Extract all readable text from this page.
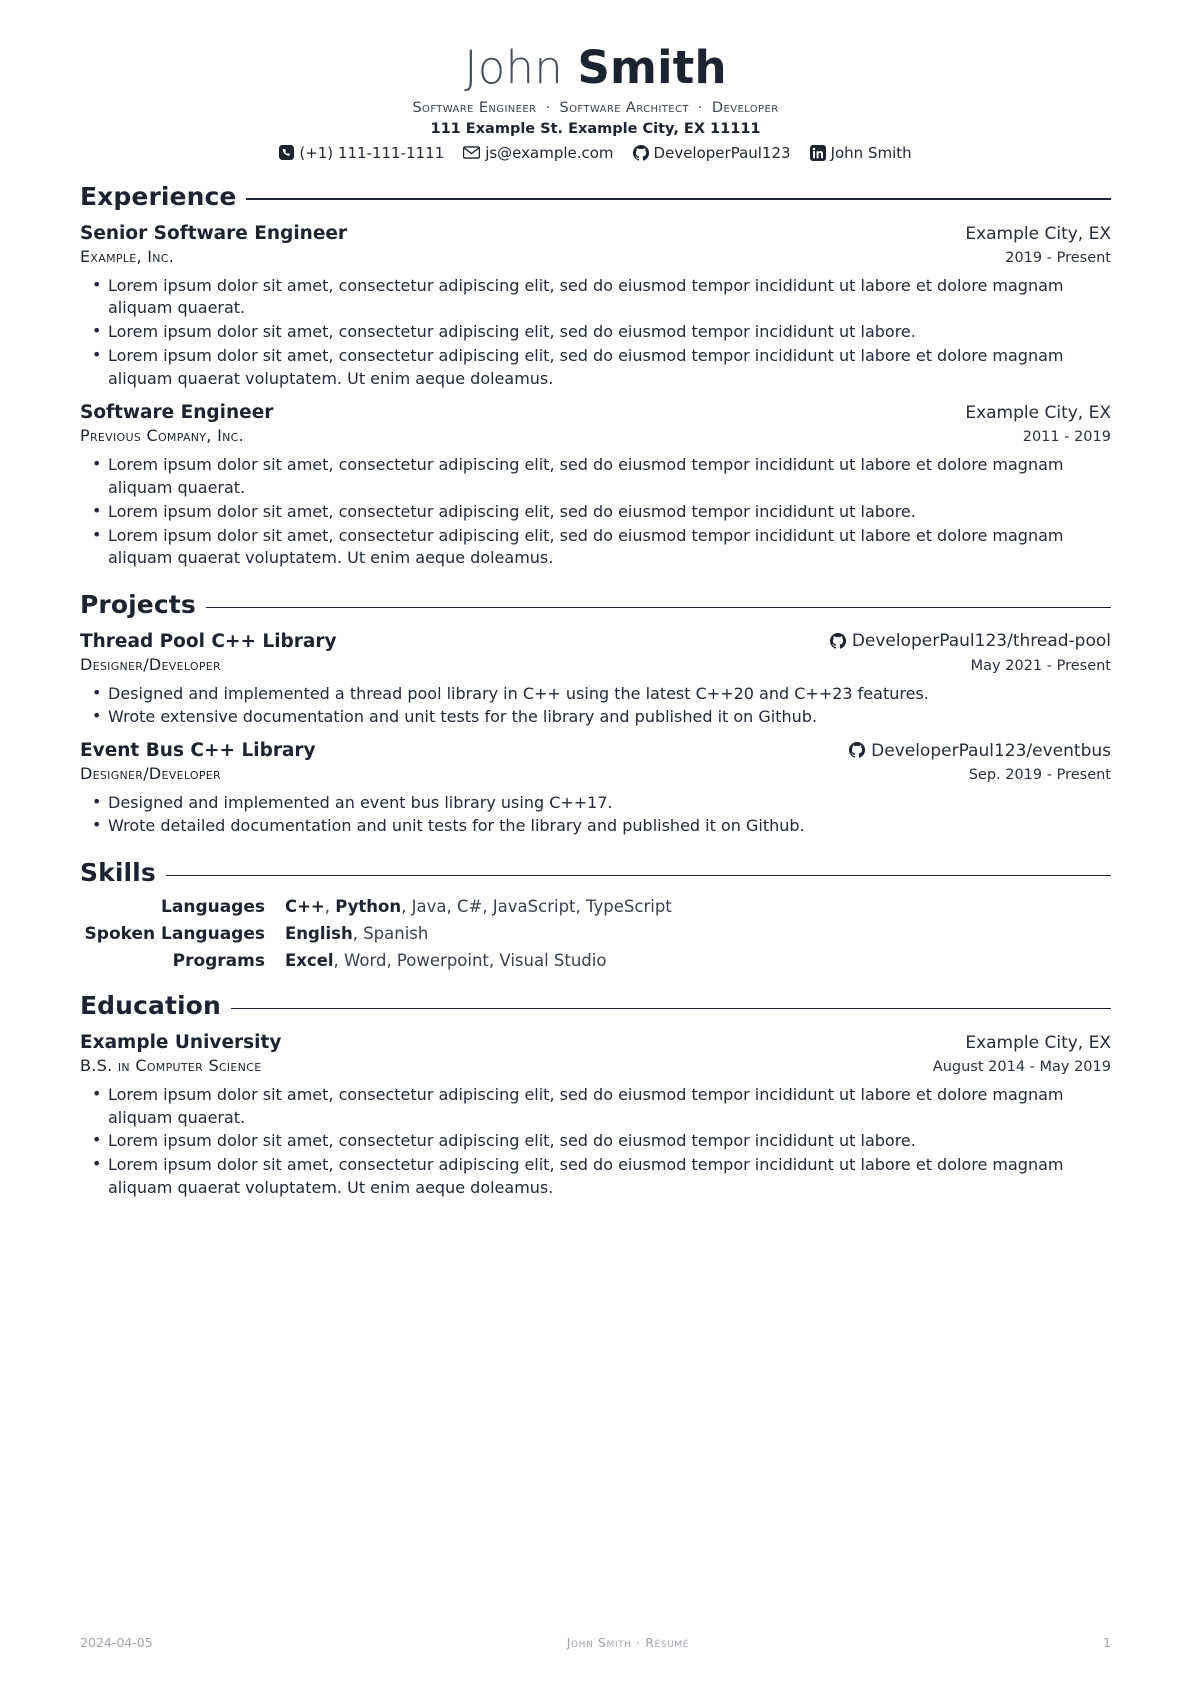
John Smith
Software Engineer · Software Architect · Developer
111 Example St. Example City, EX 11111
(+1) 111-111-1111	js@example.com	DeveloperPaul123	John Smith
Experience
Senior Software Engineer	Example City, EX
Example, Inc.	2019 - Present
• Lorem ipsum dolor sit amet, consectetur adipiscing elit, sed do eiusmod tempor incididunt ut labore et dolore magnam aliquam quaerat.
• Lorem ipsum dolor sit amet, consectetur adipiscing elit, sed do eiusmod tempor incididunt ut labore.
• Lorem ipsum dolor sit amet, consectetur adipiscing elit, sed do eiusmod tempor incididunt ut labore et dolore magnam aliquam quaerat voluptatem. Ut enim aeque doleamus.
Software Engineer	Example City, EX
Previous Company, Inc.	2011 - 2019
• Lorem ipsum dolor sit amet, consectetur adipiscing elit, sed do eiusmod tempor incididunt ut labore et dolore magnam aliquam quaerat.
• Lorem ipsum dolor sit amet, consectetur adipiscing elit, sed do eiusmod tempor incididunt ut labore.
• Lorem ipsum dolor sit amet, consectetur adipiscing elit, sed do eiusmod tempor incididunt ut labore et dolore magnam aliquam quaerat voluptatem. Ut enim aeque doleamus.
Projects
Thread Pool C++ Library	DeveloperPaul123/thread-pool
Designer/Developer	May 2021 - Present
• Designed and implemented a thread pool library in C++ using the latest C++20 and C++23 features.
• Wrote extensive documentation and unit tests for the library and published it on Github.
Event Bus C++ Library	DeveloperPaul123/eventbus
Designer/Developer	Sep. 2019 - Present
• Designed and implemented an event bus library using C++17.
• Wrote detailed documentation and unit tests for the library and published it on Github.
Skills
Languages	C++, Python, Java, C#, JavaScript, TypeScript
Spoken Languages	English, Spanish
Programs	Excel, Word, Powerpoint, Visual Studio
Education
Example University	Example City, EX
B.S. in Computer Science	August 2014 - May 2019
• Lorem ipsum dolor sit amet, consectetur adipiscing elit, sed do eiusmod tempor incididunt ut labore et dolore magnam aliquam quaerat.
• Lorem ipsum dolor sit amet, consectetur adipiscing elit, sed do eiusmod tempor incididunt ut labore.
• Lorem ipsum dolor sit amet, consectetur adipiscing elit, sed do eiusmod tempor incididunt ut labore et dolore magnam aliquam quaerat voluptatem. Ut enim aeque doleamus.
2024-04-05	John Smith · Résumé	1
